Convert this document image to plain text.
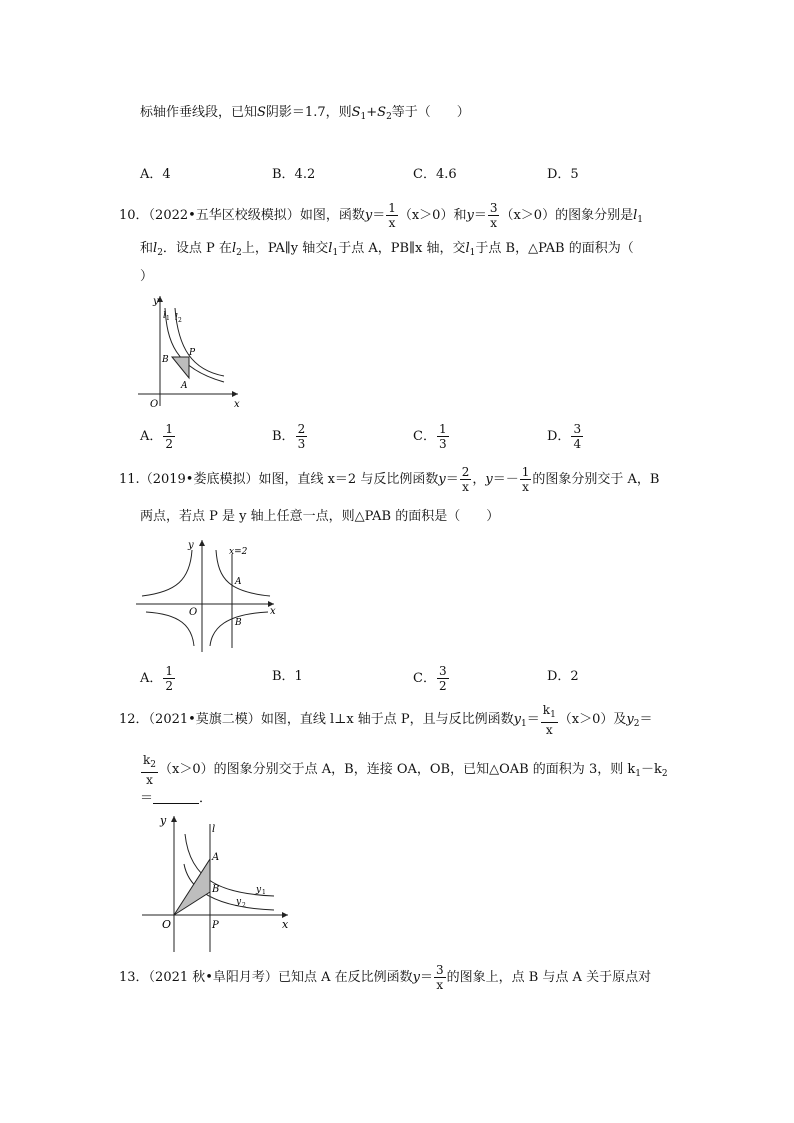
标轴作垂线段，已知S阴影＝1.7，则$S_1+S_2$等于（　　）
A．4	B．4.2	C．4.6	D．5
10．（2022•五华区校级模拟）如图，函数$y= \frac{1}{x} (x>0)$和$y= \frac{3}{x} (x>0)$的图象分别是$l_1$
和$l_2$．设点 P 在$l_2$上，PA∥y 轴交$l_1$于点 A，PB∥x 轴，交$l_1$于点 B，△PAB 的面积为（
）
y
x
O
l 1 l 2
B
P
A
A． $\frac{1}{2}$	B． $\frac{2}{3}$	C． $\frac{1}{3}$	D． $\frac{3}{4}$
11.（2019•娄底模拟）如图，直线 x＝2 与反比例函数$y= \frac{2}{x}$ ，$y=- \frac{1}{x}$ 的图象分别交于 A，B
两点，若点 P 是 y 轴上任意一点，则△PAB 的面积是（　　）
y
x
O
x=2
A
B
A． $\frac{1}{2}$	B．1	C． $\frac{3}{2}$	D．2
12．（2021•莫旗二模）如图，直线 l⊥x 轴于点 P，且与反比例函数$y_1= \frac{k_1}{x} (x>0)$及$y_2=$
$\frac{k_2}{x} (x>0)$的图象分别交于点 A，B，连接 OA，OB，已知△OAB 的面积为 3，则 $k_1-k_2$
＝	．
y
x
O
l
A
B
P
y 1
y 2
13．（2021 秋•阜阳月考）已知点 A 在反比例函数$y= \frac{3}{x}$ 的图象上，点 B 与点 A 关于原点对
